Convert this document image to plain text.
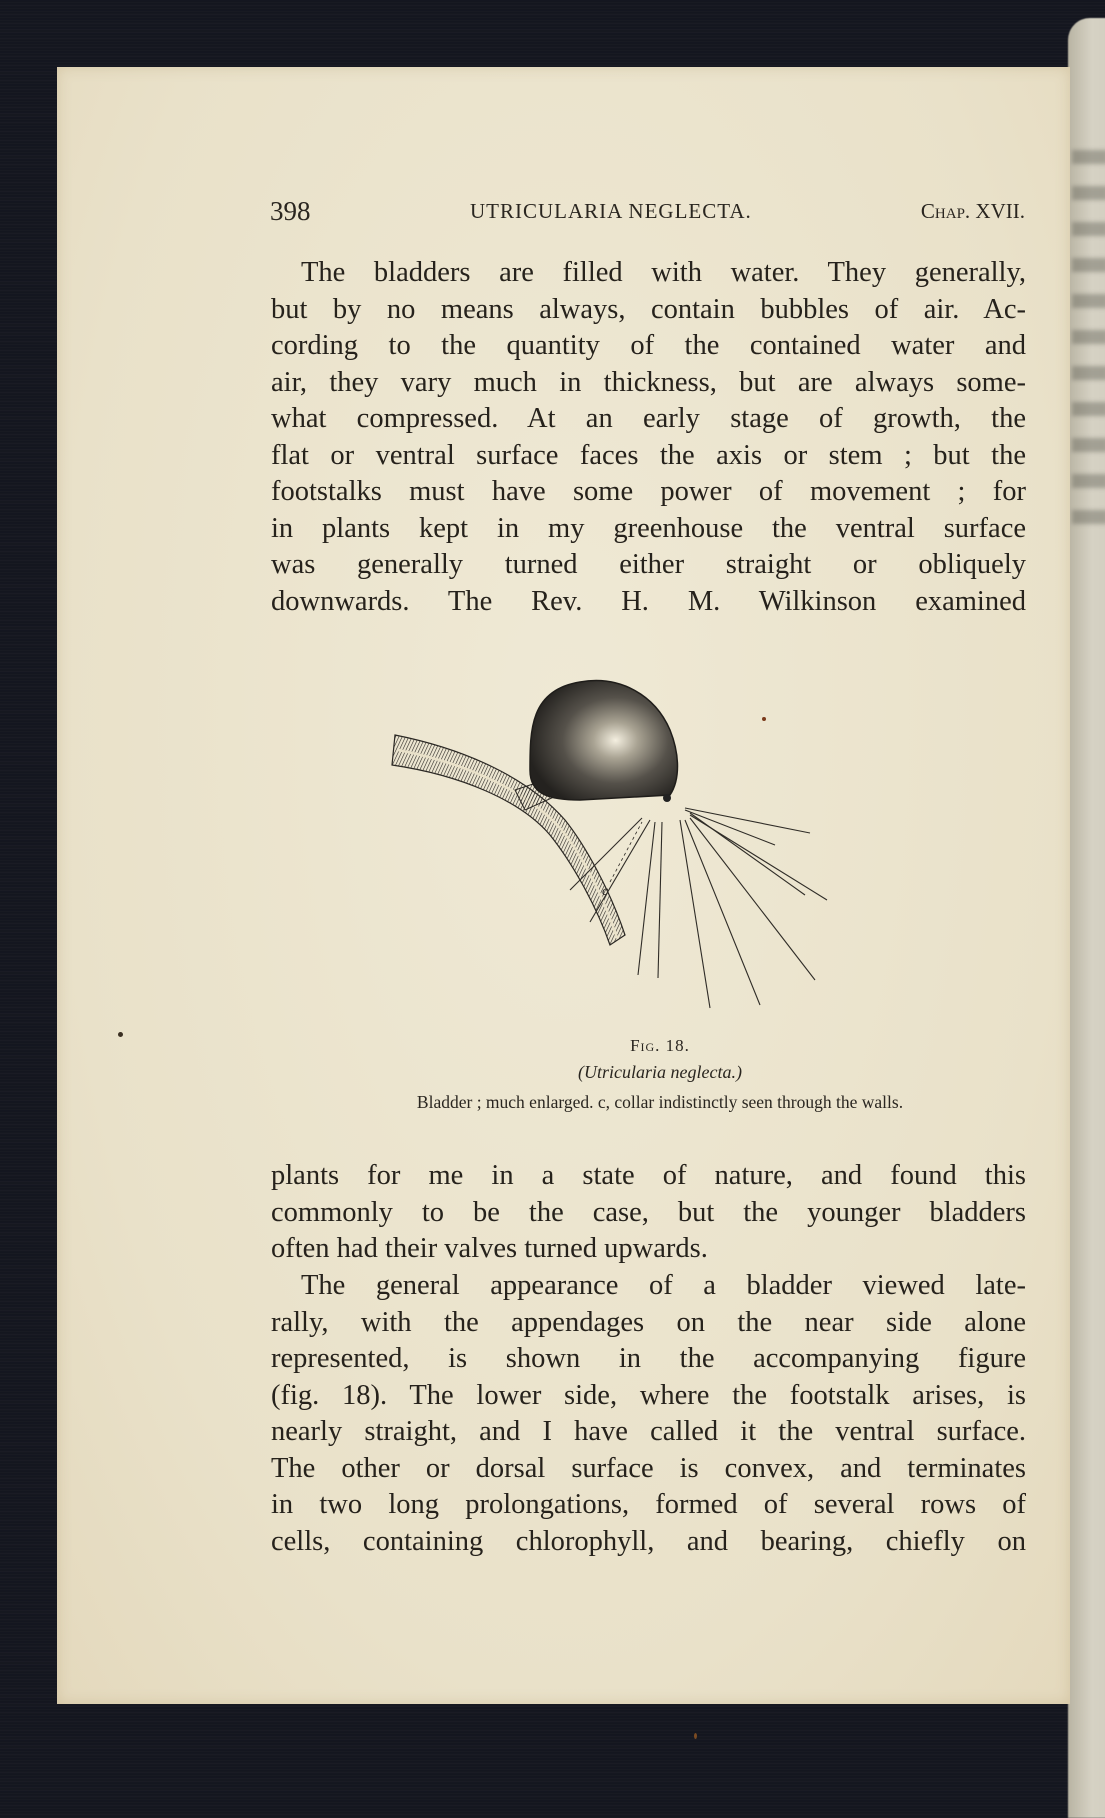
398	UTRICULARIA NEGLECTA.	Chap. XVII.
The bladders are filled with water. They generally,
but by no means always, contain bubbles of air. Ac-
cording to the quantity of the contained water and
air, they vary much in thickness, but are always some-
what compressed. At an early stage of growth, the
flat or ventral surface faces the axis or stem ; but the
footstalks must have some power of movement ; for
in plants kept in my greenhouse the ventral surface
was generally turned either straight or obliquely
downwards. The Rev. H. M. Wilkinson examined
c
Fig. 18.
(Utricularia neglecta.)
Bladder ; much enlarged. c, collar indistinctly seen through the walls.
plants for me in a state of nature, and found this
commonly to be the case, but the younger bladders
often had their valves turned upwards.
The general appearance of a bladder viewed late-
rally, with the appendages on the near side alone
represented, is shown in the accompanying figure
(fig. 18). The lower side, where the footstalk arises, is
nearly straight, and I have called it the ventral surface.
The other or dorsal surface is convex, and terminates
in two long prolongations, formed of several rows of
cells, containing chlorophyll, and bearing, chiefly on
